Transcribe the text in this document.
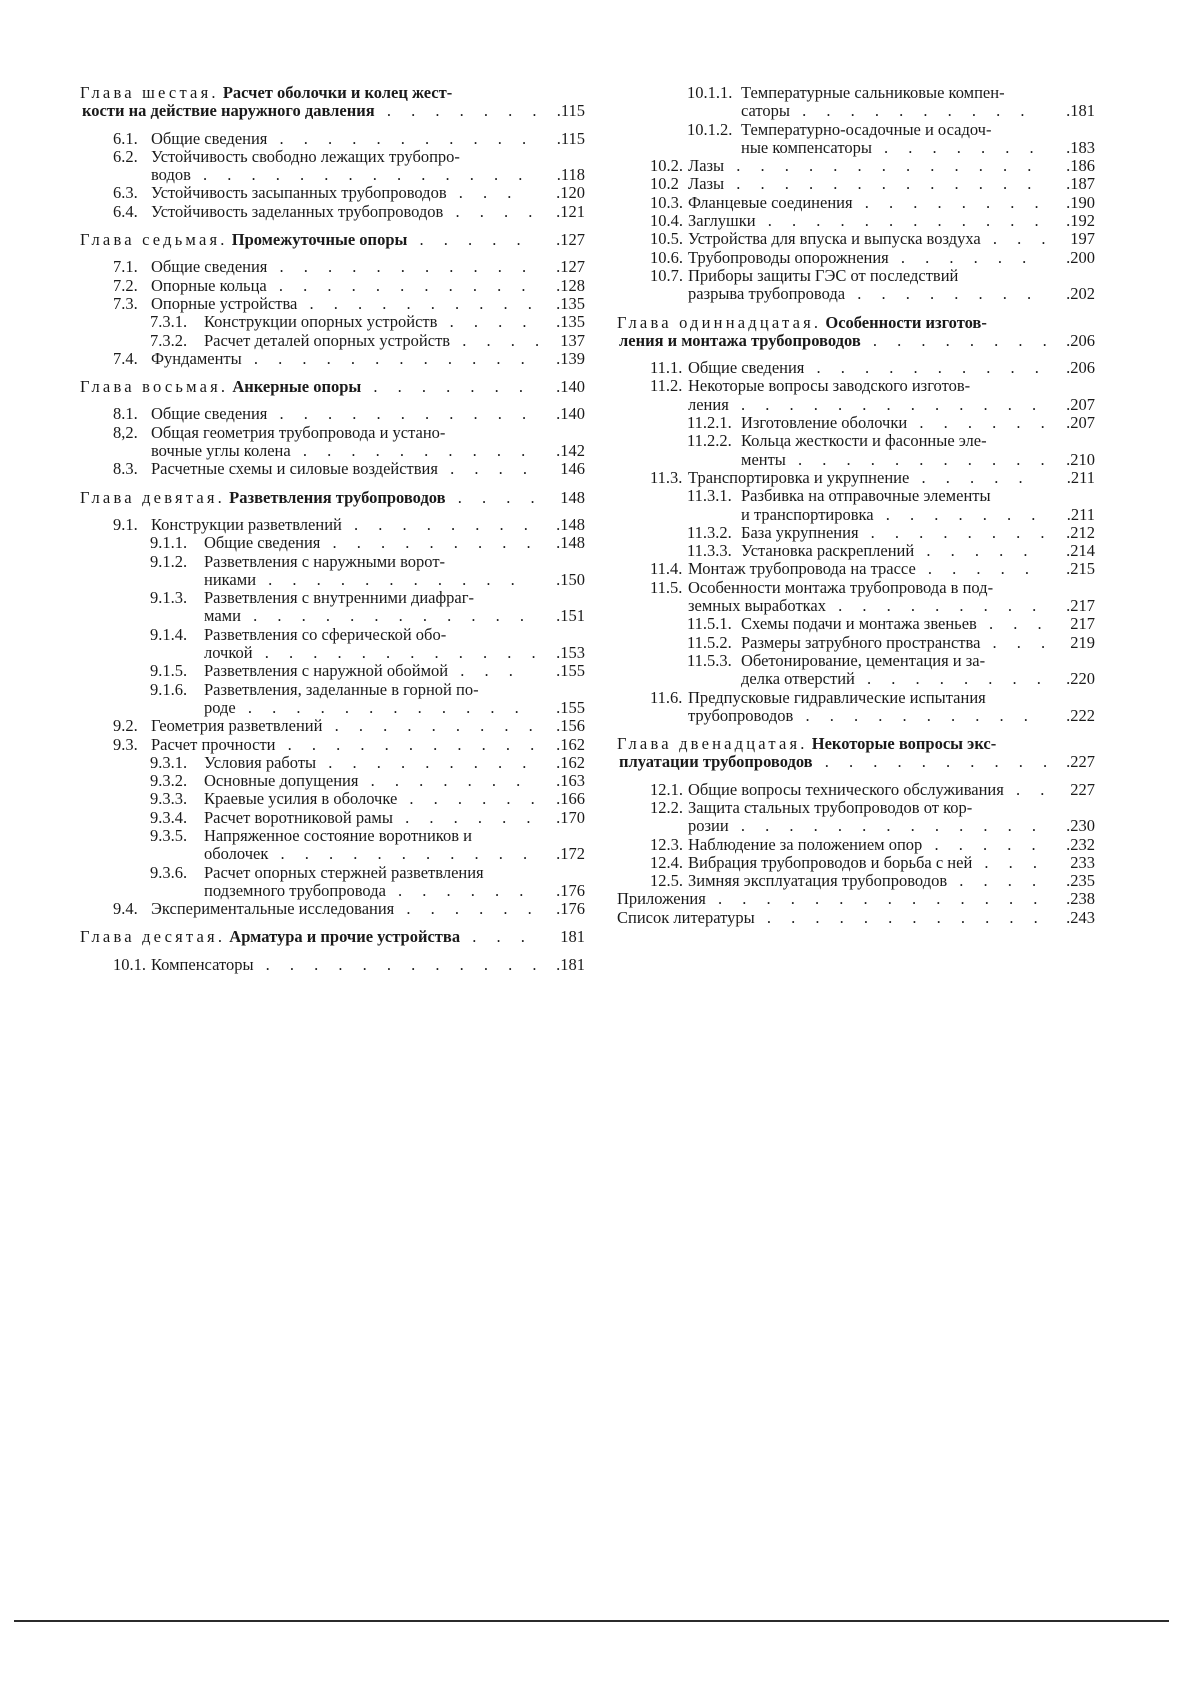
Глава шестая. Расчет оболочки и колец жест-
кости на действие наружного давления . . . . . . . .115
6.1. Общие сведения . . . . . . . . . . . .115
6.2. Устойчивость свободно лежащих трубопро-
водов . . . . . . . . . . . . . . .118
6.3. Устойчивость засыпанных трубопроводов . . . .120
6.4. Устойчивость заделанных трубопроводов . . . . .121
Глава седьмая. Промежуточные опоры . . . . . .127
7.1. Общие сведения . . . . . . . . . . . .127
7.2. Опорные кольца . . . . . . . . . . . .128
7.3. Опорные устройства . . . . . . . . . . .135
7.3.1. Конструкции опорных устройств . . . . .135
7.3.2. Расчет деталей опорных устройств . . . . 137
7.4. Фундаменты . . . . . . . . . . . . .139
Глава восьмая. Анкерные опоры . . . . . . . .140
8.1. Общие сведения . . . . . . . . . . . .140
8,2. Общая геометрия трубопровода и устано-
вочные углы колена . . . . . . . . . . .142
8.3. Расчетные схемы и силовые воздействия . . . . 146
Глава девятая. Разветвления трубопроводов . . . . 148
9.1. Конструкции разветвлений . . . . . . . . .148
9.1.1. Общие сведения . . . . . . . . . .148
9.1.2. Разветвления с наружными ворот-
никами . . . . . . . . . . .	.150
9.1.3. Разветвления с внутренними диафраг-
мами . . . . . . . . . . . . .151
9.1.4. Разветвления со сферической обо-
лочкой . . . . . . . . . . . . .153
9.1.5. Разветвления с наружной обоймой . . .	.155
9.1.6. Разветвления, заделанные в горной по-
роде . . . . . . . . . . . .	.155
9.2. Геометрия разветвлений . . . . . . . . . .156
9.3. Расчет прочности . . . . . . . . . . . .162
9.3.1. Условия работы . . . . . . . . . .162
9.3.2. Основные допущения . . . . . . .	.163
9.3.3. Краевые усилия в оболочке . . . . . . .166
9.3.4. Расчет воротниковой рамы . . . . . . .170
9.3.5. Напряженное состояние воротников и
оболочек . . . . . . . . . . . .172
9.3.6. Расчет опорных стержней разветвления
подземного трубопровода . . . . . . .176
9.4. Экспериментальные исследования . . . . . . .176
Глава десятая. Арматура и прочие устройства . . . 181
10.1. Компенсаторы . . . . . . . . . . . . .181
10.1.1. Температурные сальниковые компен-
саторы . . . . . . . . . .	.181
10.1.2. Температурно-осадочные и осадоч-
ные компенсаторы . . . . . . .	.183
10.2. Лазы . . . . . . . . . . . . . .186
10.2 Лазы . . . . . . . . . . . . . .187
10.3. Фланцевые соединения . . . . . . . . .190
10.4. Заглушки . . . . . . . . . . . . .192
10.5. Устройства для впуска и выпуска воздуха . . . 197
10.6. Трубопроводы опорожнения . . . . . .	.200
10.7. Приборы защиты ГЭС от последствий
разрыва трубопровода . . . . . . . . .202
Глава одиннадцатая. Особенности изготов-
ления и монтажа трубопроводов . . . . . . . . .206
11.1. Общие сведения . . . . . . . . . . .206
11.2. Некоторые вопросы заводского изготов-
ления . . . . . . . . . . . . . .207
11.2.1. Изготовление оболочки . . . . . . .207
11.2.2. Кольца жесткости и фасонные эле-
менты . . . . . . . . . . . .210
11.3. Транспортировка и укрупнение . . . . .	.211
11.3.1. Разбивка на отправочные элементы
и транспортировка . . . . . . .	.211
11.3.2. База укрупнения . . . . . . . . .212
11.3.3. Установка раскреплений . . . . .	.214
11.4. Монтаж трубопровода на трассе . . . . .	.215
11.5. Особенности монтажа трубопровода в под-
земных выработках . . . . . . . . . .217
11.5.1. Схемы подачи и монтажа звеньев . . .	217
11.5.2. Размеры затрубного пространства . . .	219
11.5.3. Обетонирование, цементация и за-
делка отверстий . . . . . . . .	.220
11.6. Предпусковые гидравлические испытания
трубопроводов . . . . . . . . . .	.222
Глава двенадцатая. Некоторые вопросы экс-
плуатации трубопроводов . . . . . . . . . . .227
12.1. Общие вопросы технического обслуживания . . 227
12.2. Защита стальных трубопроводов от кор-
розии . . . . . . . . . . . . . .230
12.3. Наблюдение за положением опор . . . . . .232
12.4. Вибрация трубопроводов и борьба с ней . . . 233
12.5. Зимняя эксплуатация трубопроводов . . . . .235
Приложения . . . . . . . . . . . . . . .238
Список литературы . . . . . . . . . . . . .243
